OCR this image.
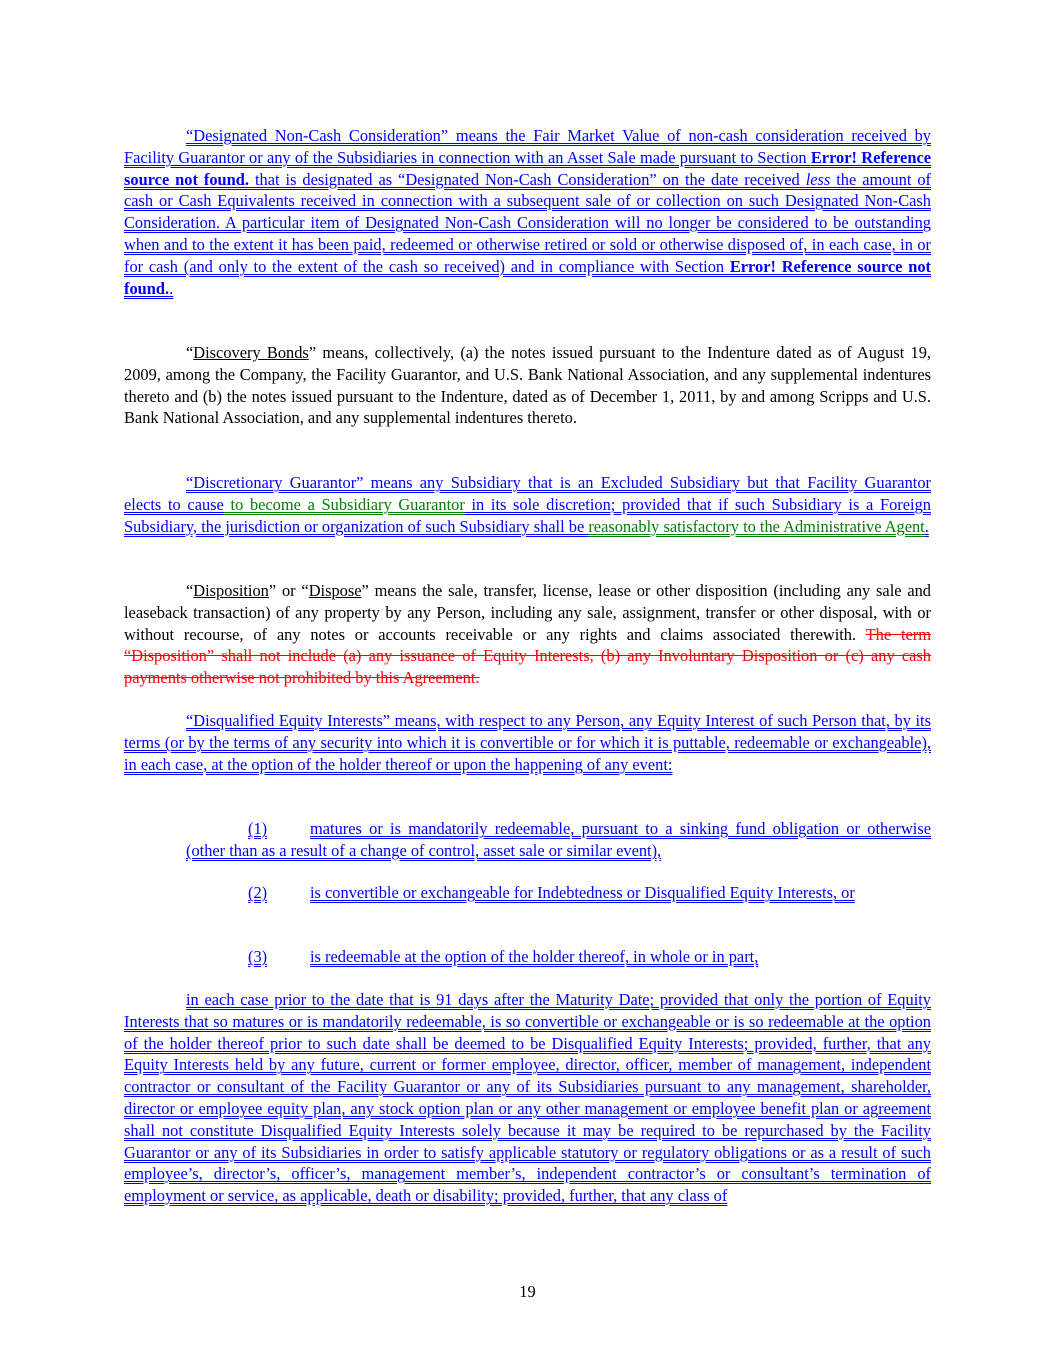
“Designated Non-Cash Consideration” means the Fair Market Value of non-cash consideration received by Facility Guarantor or any of the Subsidiaries in connection with an Asset Sale made pursuant to Section Error! Reference source not found. that is designated as “Designated Non-Cash Consideration” on the date received less the amount of cash or Cash Equivalents received in connection with a subsequent sale of or collection on such Designated Non-Cash Consideration. A particular item of Designated Non-Cash Consideration will no longer be considered to be outstanding when and to the extent it has been paid, redeemed or otherwise retired or sold or otherwise disposed of, in each case, in or for cash (and only to the extent of the cash so received) and in compliance with Section Error! Reference source not found..

“Discovery Bonds” means, collectively, (a) the notes issued pursuant to the Indenture dated as of August 19, 2009, among the Company, the Facility Guarantor, and U.S. Bank National Association, and any supplemental indentures thereto and (b) the notes issued pursuant to the Indenture, dated as of December 1, 2011, by and among Scripps and U.S. Bank National Association, and any supplemental indentures thereto.

“Discretionary Guarantor” means any Subsidiary that is an Excluded Subsidiary but that Facility Guarantor elects to cause to become a Subsidiary Guarantor in its sole discretion; provided that if such Subsidiary is a Foreign Subsidiary, the jurisdiction or organization of such Subsidiary shall be reasonably satisfactory to the Administrative Agent.

“Disposition” or “Dispose” means the sale, transfer, license, lease or other disposition (including any sale and leaseback transaction) of any property by any Person, including any sale, assignment, transfer or other disposal, with or without recourse, of any notes or accounts receivable or any rights and claims associated therewith. The term “Disposition” shall not include (a) any issuance of Equity Interests, (b) any Involuntary Disposition or (c) any cash payments otherwise not prohibited by this Agreement.

“Disqualified Equity Interests” means, with respect to any Person, any Equity Interest of such Person that, by its terms (or by the terms of any security into which it is convertible or for which it is puttable, redeemable or exchangeable), in each case, at the option of the holder thereof or upon the happening of any event:

(1)	matures or is mandatorily redeemable, pursuant to a sinking fund obligation or otherwise (other than as a result of a change of control, asset sale or similar event),

(2)	is convertible or exchangeable for Indebtedness or Disqualified Equity Interests, or

(3)	is redeemable at the option of the holder thereof, in whole or in part,

in each case prior to the date that is 91 days after the Maturity Date; provided that only the portion of Equity Interests that so matures or is mandatorily redeemable, is so convertible or exchangeable or is so redeemable at the option of the holder thereof prior to such date shall be deemed to be Disqualified Equity Interests; provided, further, that any Equity Interests held by any future, current or former employee, director, officer, member of management, independent contractor or consultant of the Facility Guarantor or any of its Subsidiaries pursuant to any management, shareholder, director or employee equity plan, any stock option plan or any other management or employee benefit plan or agreement shall not constitute Disqualified Equity Interests solely because it may be required to be repurchased by the Facility Guarantor or any of its Subsidiaries in order to satisfy applicable statutory or regulatory obligations or as a result of such employee’s, director’s, officer’s, management member’s, independent contractor’s or consultant’s termination of employment or service, as applicable, death or disability; provided, further, that any class of

19
